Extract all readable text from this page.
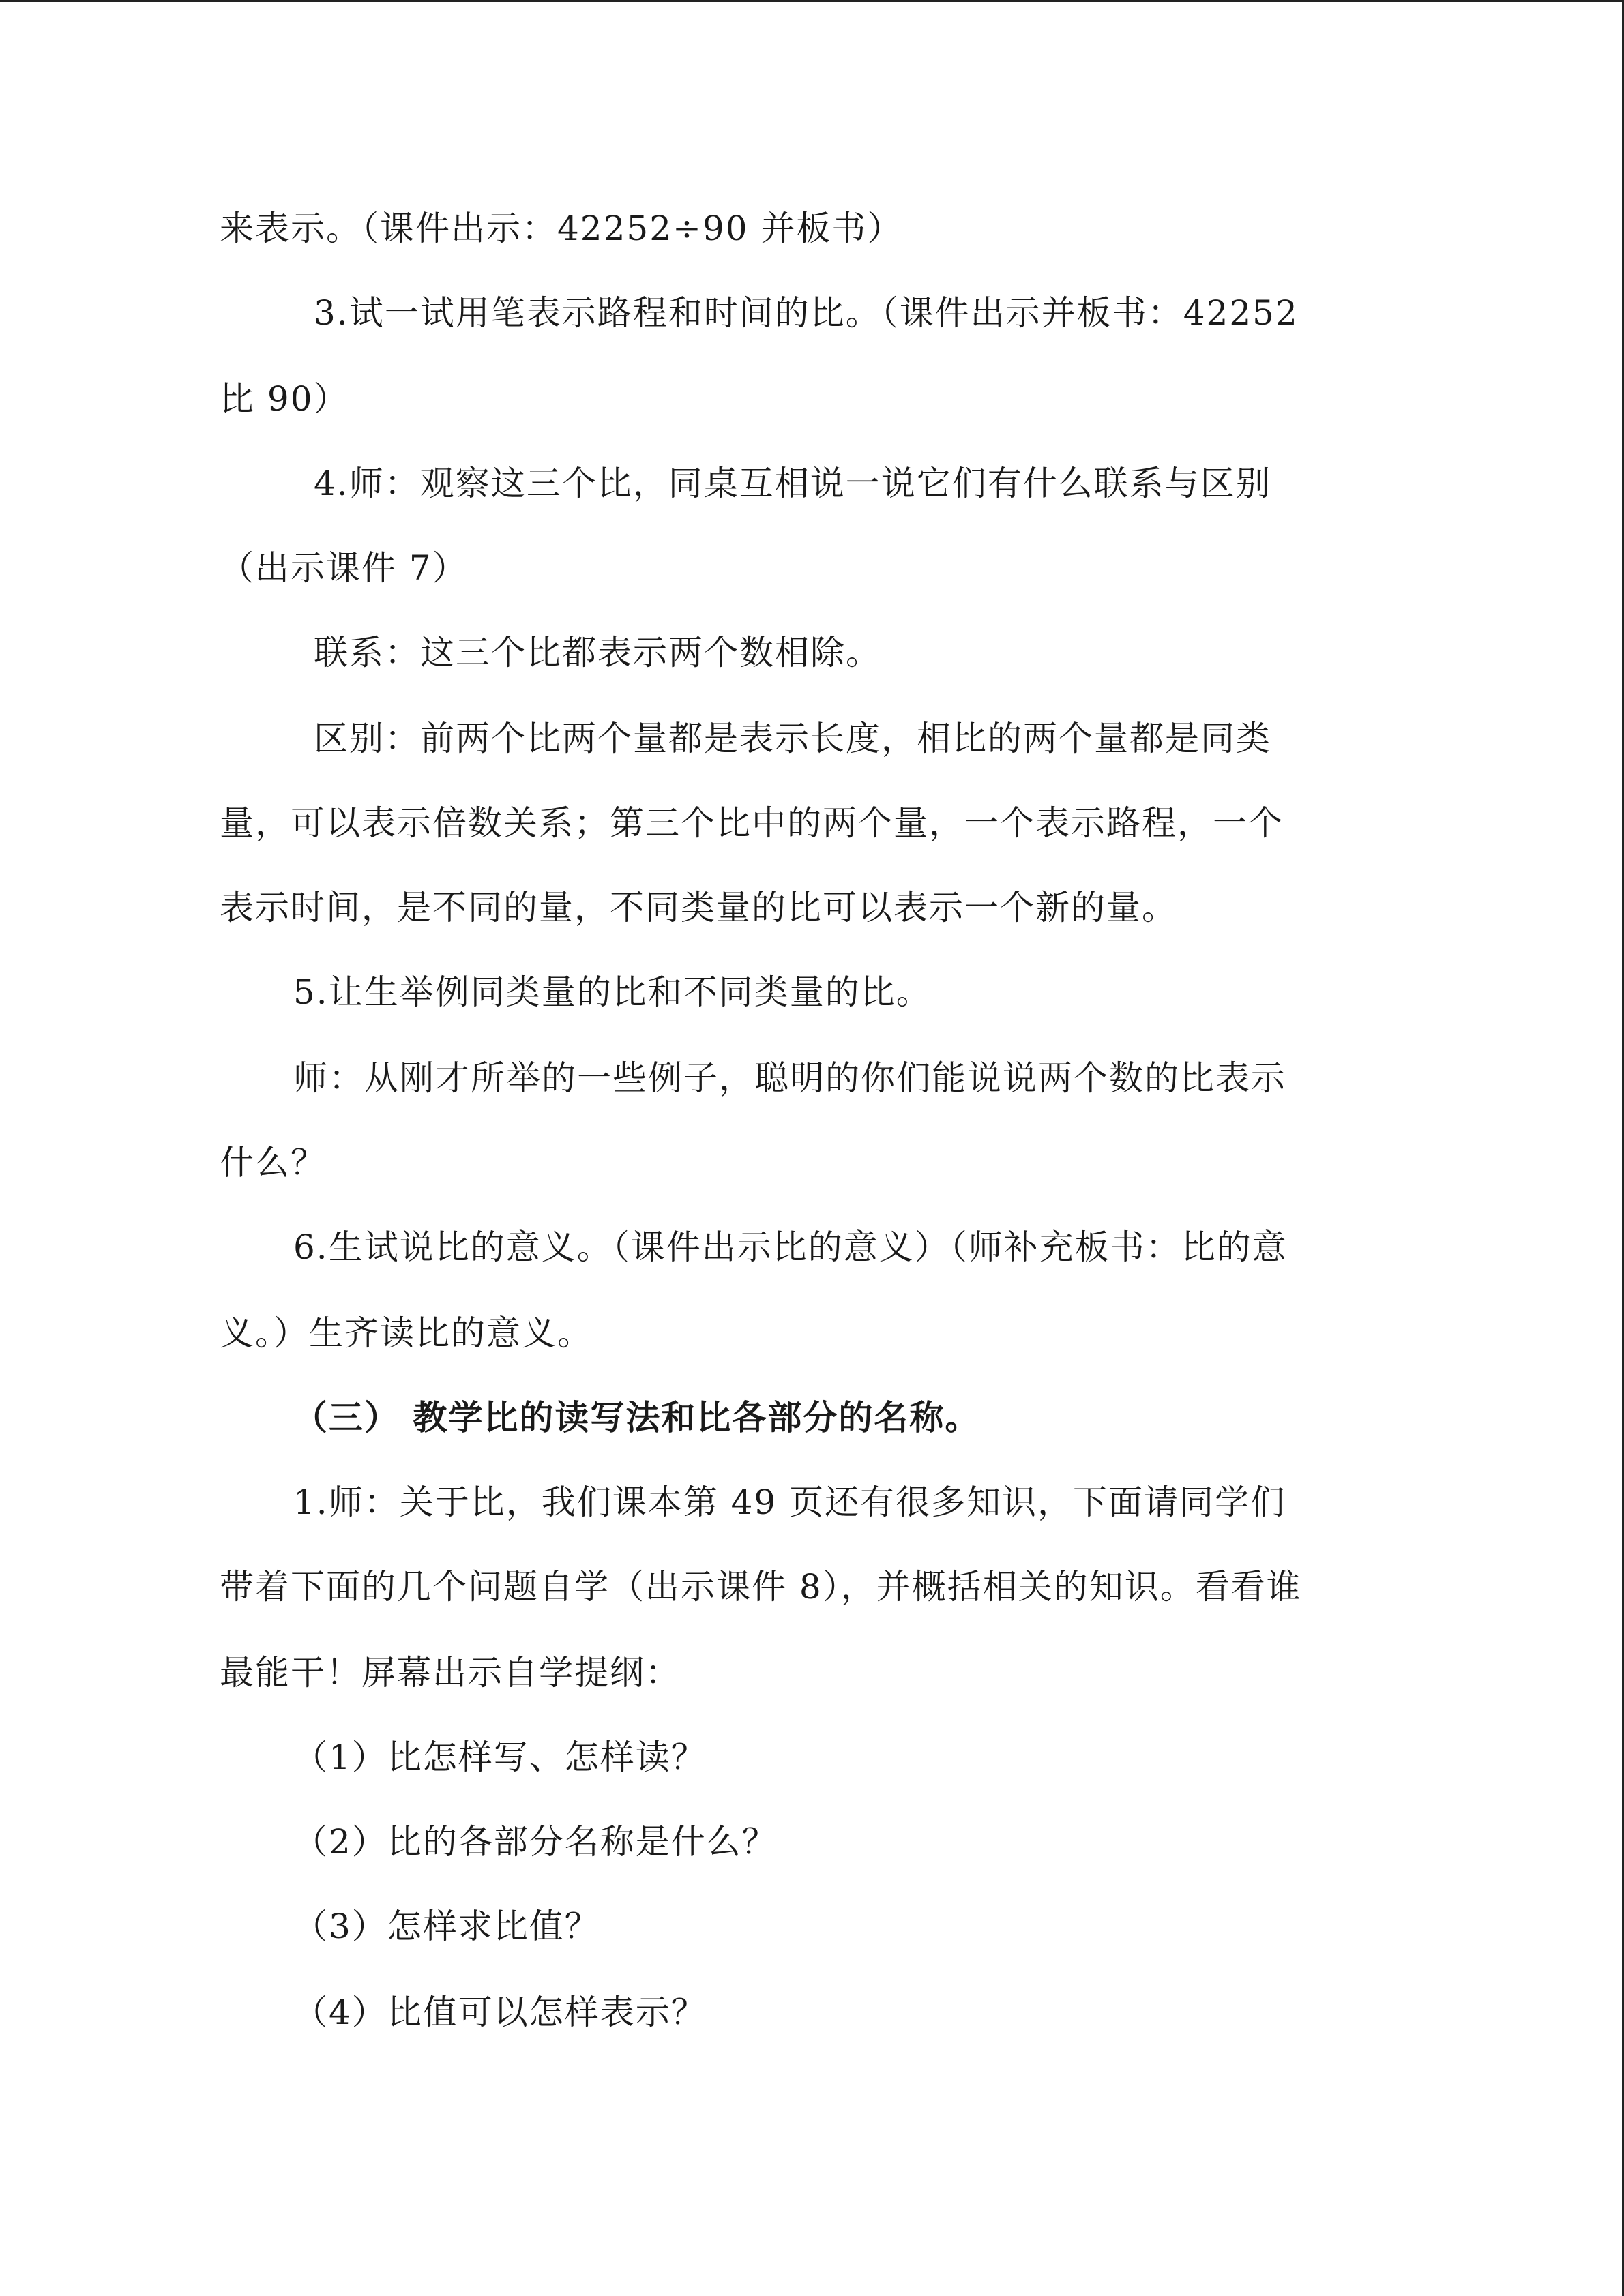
来表示。（课件出示：42252÷90 并板书）
3.试一试用笔表示路程和时间的比。（课件出示并板书：42252
比 90）
4.师：观察这三个比，同桌互相说一说它们有什么联系与区别
（出示课件 7）
联系：这三个比都表示两个数相除。
区别：前两个比两个量都是表示长度，相比的两个量都是同类
量，可以表示倍数关系；第三个比中的两个量，一个表示路程，一个
表示时间，是不同的量，不同类量的比可以表示一个新的量。
5.让生举例同类量的比和不同类量的比。
师：从刚才所举的一些例子，聪明的你们能说说两个数的比表示
什么？
6.生试说比的意义。（课件出示比的意义）（师补充板书：比的意
义。）生齐读比的意义。
（三） 教学比的读写法和比各部分的名称。
1.师：关于比，我们课本第 49 页还有很多知识，下面请同学们
带着下面的几个问题自学（出示课件 8），并概括相关的知识。看看谁
最能干！屏幕出示自学提纲：
（1）比怎样写、怎样读？
（2）比的各部分名称是什么？
（3）怎样求比值？
（4）比值可以怎样表示？
